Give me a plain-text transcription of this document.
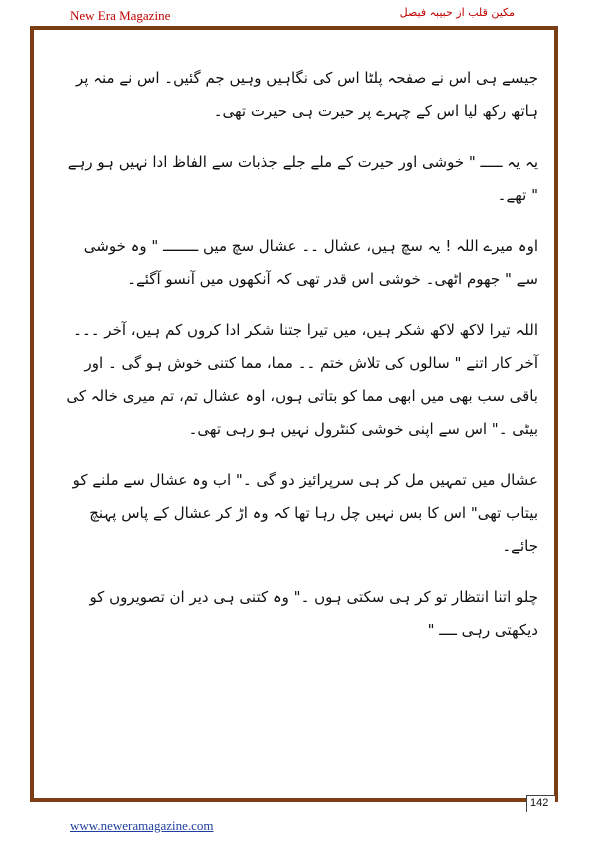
New Era Magazine	مکین قلب از حبیبہ فیصل

جیسے ہی اس نے صفحہ پلٹا اس کی نگاہیں وہیں جم گئیں۔ اس نے منہ پر ہاتھ رکھ لیا اس کے چہرے پر حیرت ہی حیرت تھی۔

یہ یہ ـــــ " خوشی اور حیرت کے ملے جلے جذبات سے الفاظ ادا نہیں ہو رہے " تھے۔

اوہ میرے اللہ ! یہ سچ ہیں، عشال ۔۔ عشال سچ میں ــــــــ " وہ خوشی سے " جھوم اٹھی۔ خوشی اس قدر تھی کہ آنکھوں میں آنسو آگئے۔

اللہ تیرا لاکھ لاکھ شکر ہیں، میں تیرا جتنا شکر ادا کروں کم ہیں، آخر ۔۔۔ آخر کار اتنے " سالوں کی تلاش ختم ۔۔ مما، مما کتنی خوش ہو گی ۔ اور باقی سب بھی میں ابھی مما کو بتاتی ہوں، اوہ عشال تم، تم میری خالہ کی بیٹی ۔" اس سے اپنی خوشی کنٹرول نہیں ہو رہی تھی۔

عشال میں تمہیں مل کر ہی سرپرائیز دو گی ۔" اب وہ عشال سے ملنے کو بیتاب تھی" اس کا بس نہیں چل رہا تھا کہ وہ اڑ کر عشال کے پاس پہنچ جائے۔

چلو اتنا انتظار تو کر ہی سکتی ہوں ۔" وہ کتنی ہی دیر ان تصویروں کو دیکھتی رہی ــــ "

142
www.neweramagazine.com
